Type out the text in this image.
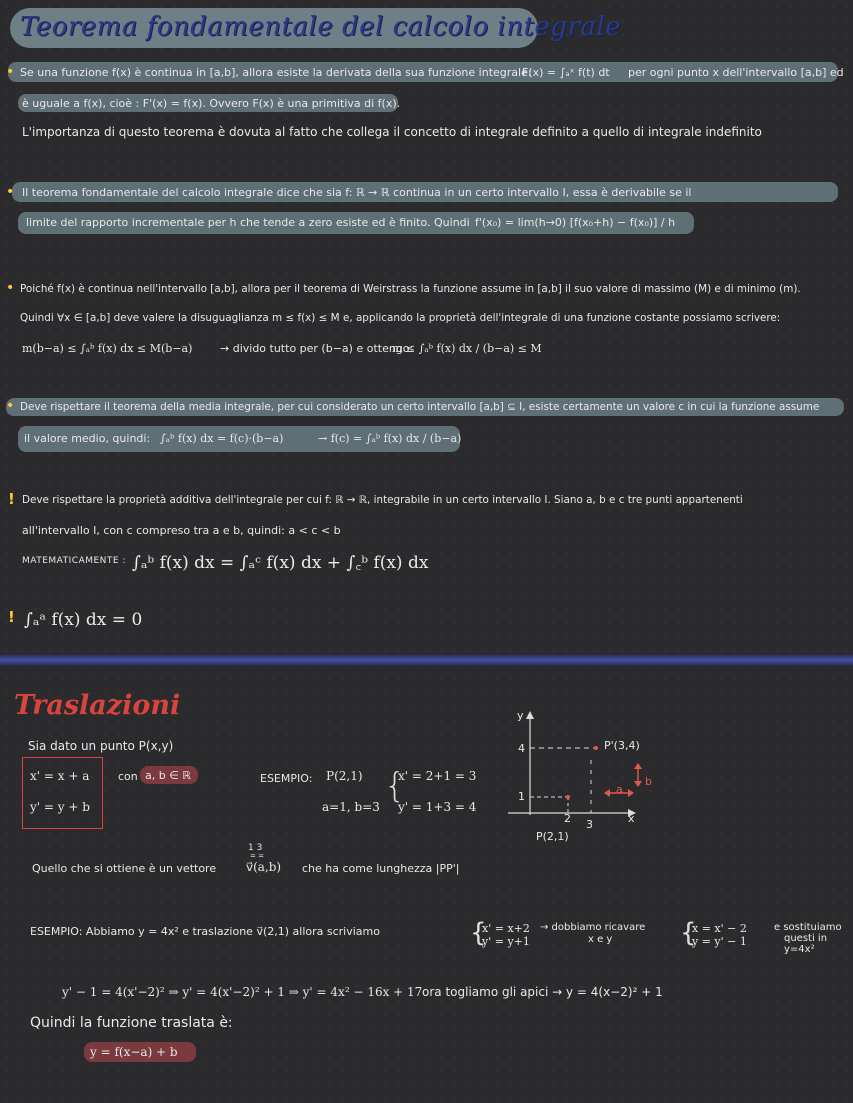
Teorema fondamentale del calcolo integrale
• Se una funzione f(x) è continua in [a,b], allora esiste la derivata della sua funzione integrale:
F(x) = ∫ₐˣ f(t) dt per ogni punto x dell'intervallo [a,b] ed
è uguale a f(x), cioè : F'(x) = f(x). Ovvero F(x) è una primitiva di f(x).
L'importanza di questo teorema è dovuta al fatto che collega il concetto di integrale definito a quello di integrale indefinito
• Il teorema fondamentale del calcolo integrale dice che sia f: ℝ → ℝ continua in un certo intervallo I, essa è derivabile se il
limite del rapporto incrementale per h che tende a zero esiste ed è finito. Quindi f'(x₀) = lim(h→0) [f(x₀+h) − f(x₀)] / h
• Poiché f(x) è continua nell'intervallo [a,b], allora per il teorema di Weirstrass la funzione assume in [a,b] il suo valore di massimo (M) e di minimo (m).
Quindi ∀x ∈ [a,b] deve valere la disuguaglianza m ≤ f(x) ≤ M e, applicando la proprietà dell'integrale di una funzione costante possiamo scrivere:
m(b−a) ≤ ∫ₐᵇ f(x) dx ≤ M(b−a)	→ divido tutto per (b−a) e ottengo:
m ≤ ∫ₐᵇ f(x) dx / (b−a) ≤ M
• Deve rispettare il teorema della media integrale, per cui considerato un certo intervallo [a,b] ⊆ I, esiste certamente un valore c in cui la funzione assume
il valore medio, quindi: ∫ₐᵇ f(x) dx = f(c)·(b−a)	→ f(c) = ∫ₐᵇ f(x) dx / (b−a)
! Deve rispettare la proprietà additiva dell'integrale per cui f: ℝ → ℝ, integrabile in un certo intervallo I. Siano a, b e c tre punti appartenenti
all'intervallo I, con c compreso tra a e b, quindi: a < c < b
MATEMATICAMENTE : ∫ₐᵇ f(x) dx = ∫ₐᶜ f(x) dx + ∫꜀ᵇ f(x) dx
! ∫ₐᵃ f(x) dx = 0
Traslazioni
Sia dato un punto P(x,y)
x' = x + a
y' = y + b
con a, b ∈ ℝ	ESEMPIO: P(2,1)
a=1, b=3
{
x' = 2+1 = 3
y' = 1+3 = 4
y
x
4
1
2 3
P(2,1)
P'(3,4)
a
b
1 3
= =
Quello che si ottiene è un vettore v⃗(a,b) che ha come lunghezza |PP'|
ESEMPIO: Abbiamo y = 4x² e traslazione v⃗(2,1) allora scriviamo	{
x' = x+2
y' = y+1
→ dobbiamo ricavare
x e y	{
x = x' − 2
y = y' − 1
e sostituiamo
questi in
y=4x²
y' − 1 = 4(x'−2)² ⇒ y' = 4(x'−2)² + 1 ⇒ y' = 4x² − 16x + 17 ora togliamo gli apici → y = 4(x−2)² + 1
Quindi la funzione traslata è:
y = f(x−a) + b
